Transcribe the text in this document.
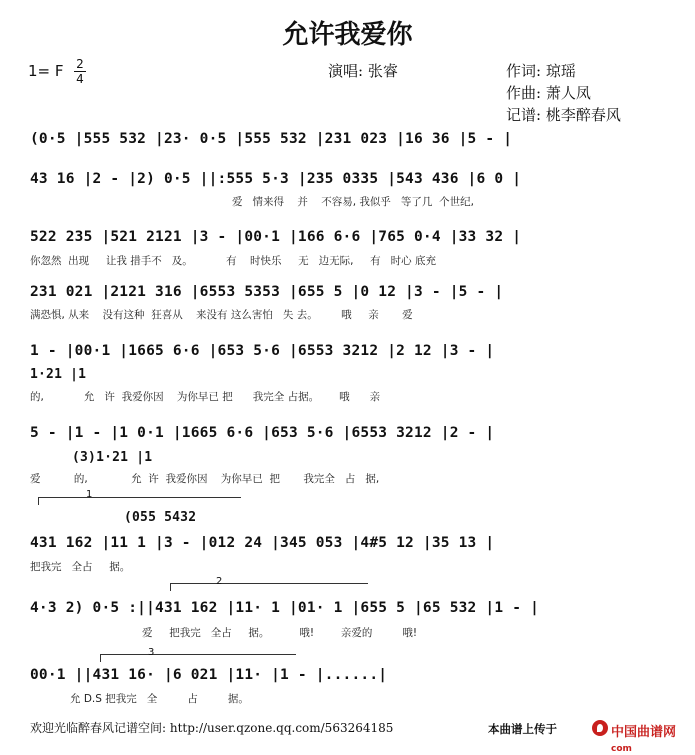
允许我爱你
1= F 2
4	演唱: 张睿	作词: 琼瑶
作曲: 萧人凤
记谱: 桃李醉春风
(0·5 |555 532 |23· 0·5 |555 532 |231 023 |16 36 |5 - |
43 16 |2 - |2) 0·5 ||:555 5·3 |235 0335 |543 436 |6 0 |
爱   情来得    并    不容易, 我似乎   等了几  个世纪,
522 235 |521 2121 |3 - |00·1 |166 6·6 |765 0·4 |33 32 |
你忽然  出现     让我 措手不   及。          有    时快乐     无   边无际,     有   时心 底充
231 021 |2121 316 |6553 5353 |655 5 |0 12 |3 - |5 - |
满恐惧, 从来    没有这种  狂喜从    来没有 这么害怕   失 去。       哦     亲       爱
1 - |00·1 |1665 6·6 |653 5·6 |6553 3212 |2 12 |3 - |
1·21 |1
的,            允   许  我爱你因    为你早已 把      我完全 占据。      哦      亲
5 - |1 - |1 0·1 |1665 6·6 |653 5·6 |6553 3212 |2 - |
(3)1·21 |1
爱          的,             允  许  我爱你因    为你早已  把       我完全   占   据,
1
(055 5432
431 162 |11 1 |3 - |012 24 |345 053 |4#5 12 |35 13 |
把我完   全占     据。
2
4·3 2) 0·5 :||431 162 |11· 1 |01· 1 |655 5 |65 532 |1 - |
爱     把我完   全占     据。         哦!        亲爱的         哦!
3
00·1 ||431 16· |6 021 |11· |1 - |......|
允 D.S 把我完   全         占         据。
欢迎光临醉春风记谱空间: http://user.qzone.qq.com/563264185	本曲谱上传于	中国曲谱网 com
